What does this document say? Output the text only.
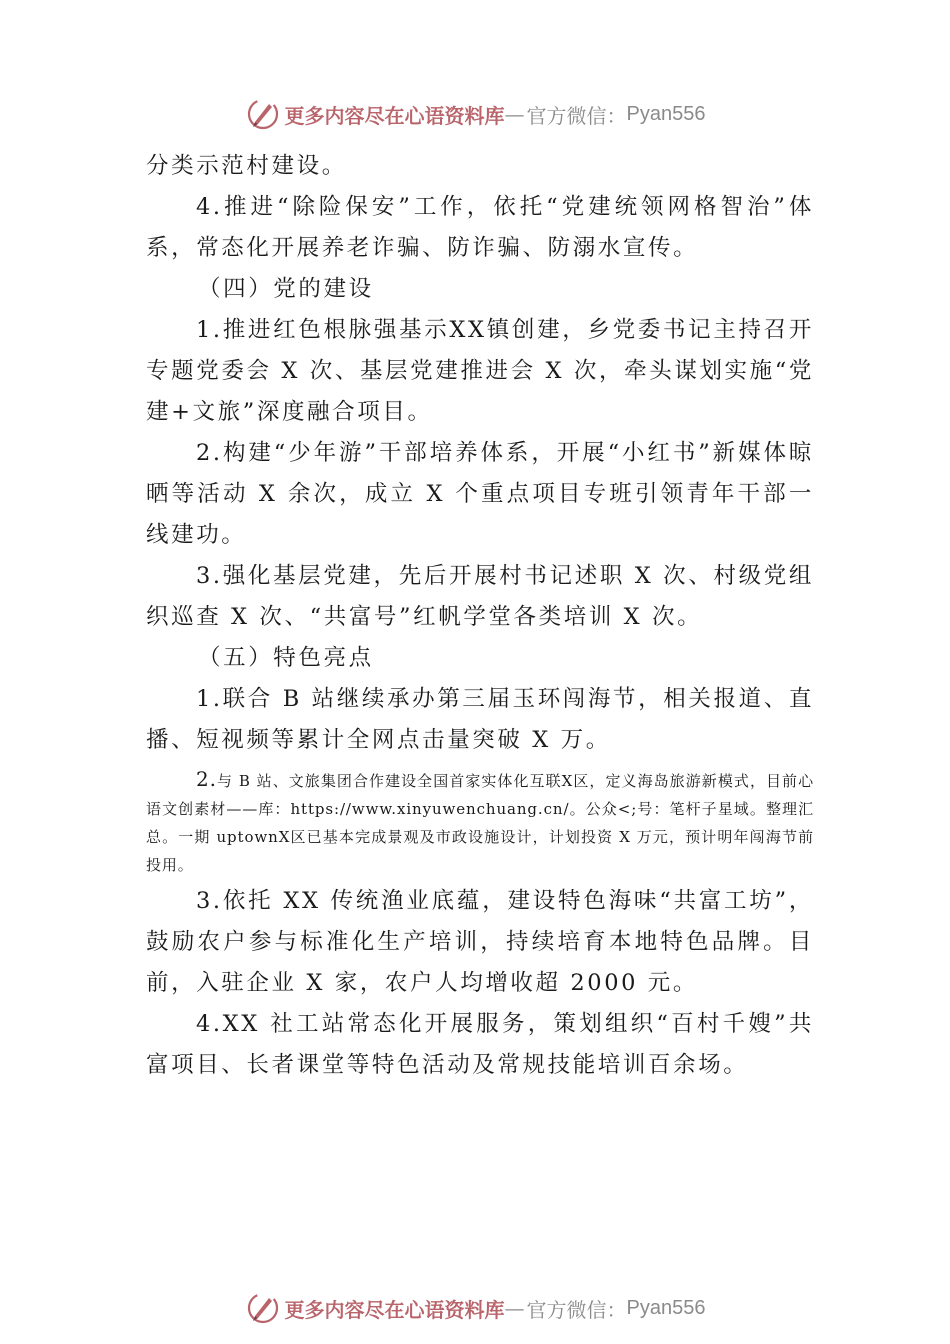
更多内容尽在心语资料库 — 官方微信： Pyan556

分类示范村建设。

4.推进“除险保安”工作，依托“党建统领网格智治”体系，常态化开展养老诈骗、防诈骗、防溺水宣传。

（四）党的建设

1.推进红色根脉强基示XX镇创建，乡党委书记主持召开专题党委会 X 次、基层党建推进会 X 次，牵头谋划实施“党建+文旅”深度融合项目。

2.构建“少年游”干部培养体系，开展“小红书”新媒体晾晒等活动 X 余次，成立 X 个重点项目专班引领青年干部一线建功。

3.强化基层党建，先后开展村书记述职 X 次、村级党组织巡查 X 次、“共富号”红帆学堂各类培训 X 次。

（五）特色亮点

1.联合 B 站继续承办第三届玉环闯海节，相关报道、直播、短视频等累计全网点击量突破 X 万。

2.与 B 站、文旅集团合作建设全国首家实体化互联X区，定义海岛旅游新模式，目前心语文创素材——库：https://www.xinyuwenchuang.cn/。公众<;号：笔杆子星域。整理汇总。一期 uptownX区已基本完成景观及市政设施设计，计划投资 X 万元，预计明年闯海节前投用。

3.依托 XX 传统渔业底蕴，建设特色海味“共富工坊”，鼓励农户参与标准化生产培训，持续培育本地特色品牌。目前，入驻企业 X 家，农户人均增收超 2000 元。

4.XX 社工站常态化开展服务，策划组织“百村千嫂”共富项目、长者课堂等特色活动及常规技能培训百余场。

更多内容尽在心语资料库 — 官方微信： Pyan556
